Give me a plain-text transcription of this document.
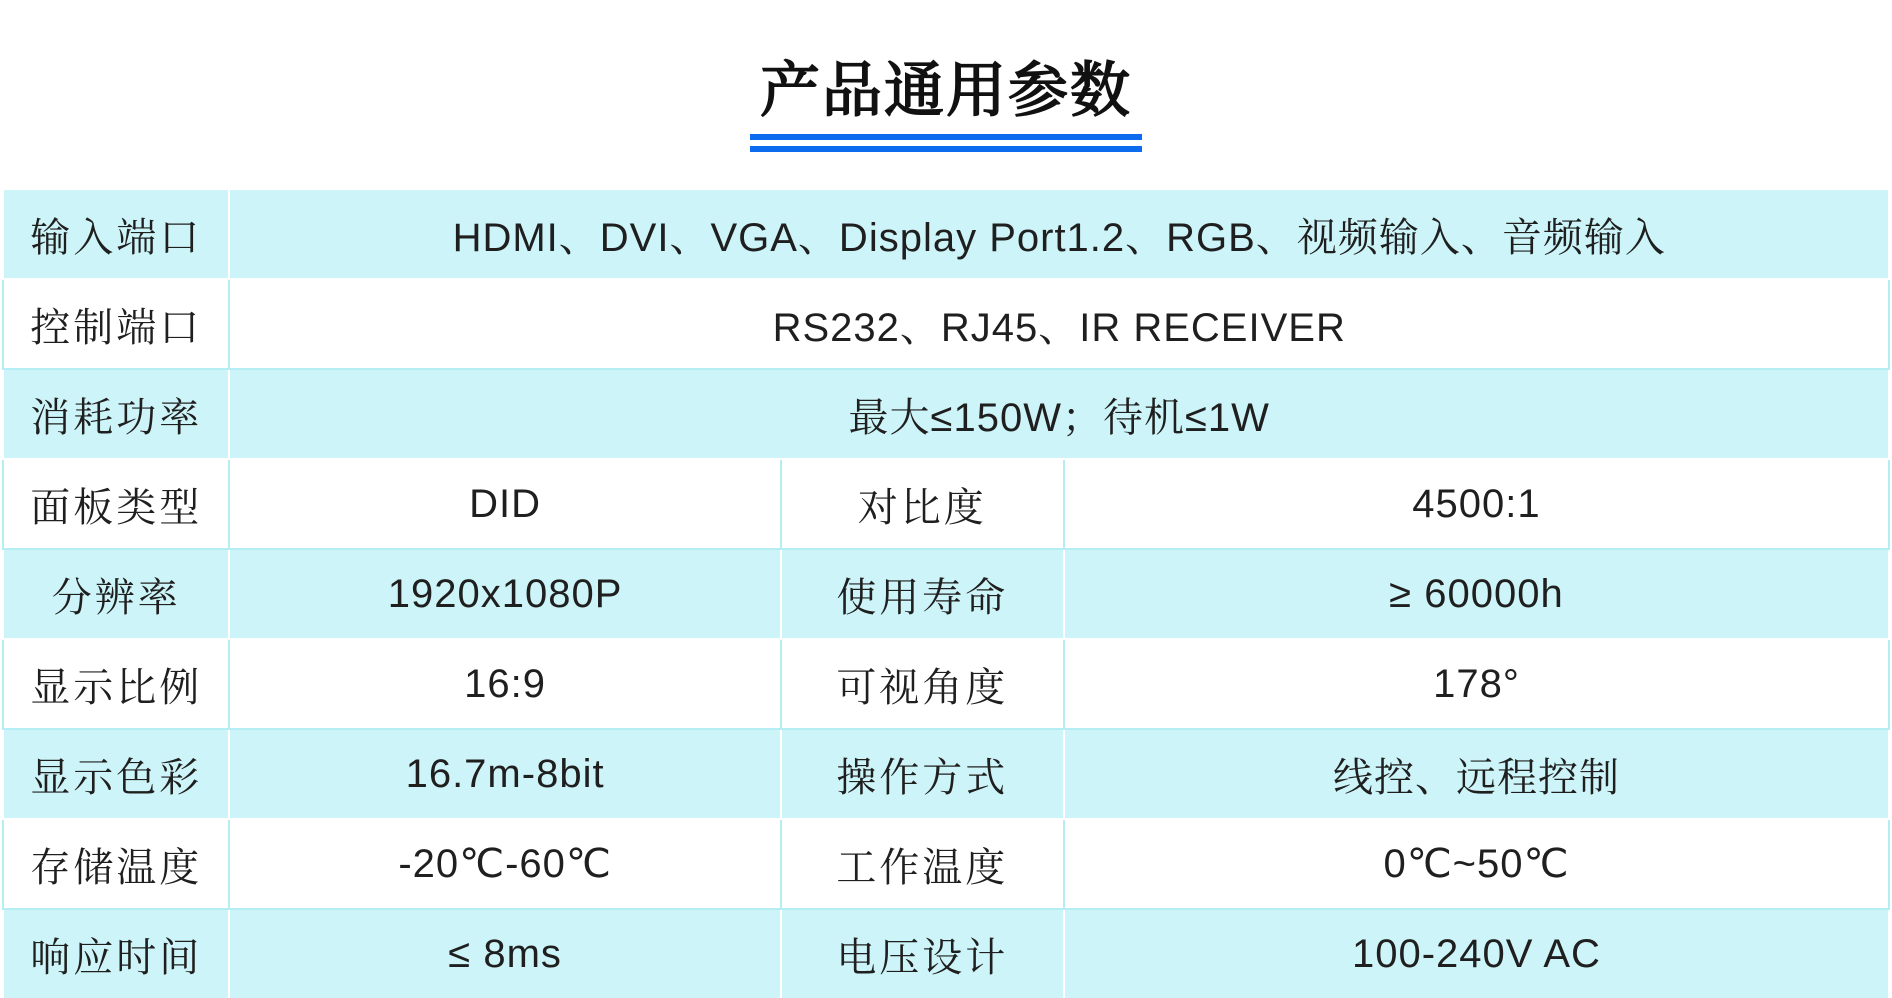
产品通用参数
输入端口	HDMI、DVI、VGA、Display Port1.2、RGB、视频输入、音频输入		
控制端口	RS232、RJ45、IR RECEIVER		
消耗功率	最大≤150W；待机≤1W		
面板类型	DID	对比度	4500:1
分辨率	1920x1080P	使用寿命	≥ 60000h
显示比例	16:9	可视角度	178°
显示色彩	16.7m-8bit	操作方式	线控、远程控制
存储温度	-20℃-60℃	工作温度	0℃~50℃
响应时间	≤ 8ms	电压设计	100-240V AC
